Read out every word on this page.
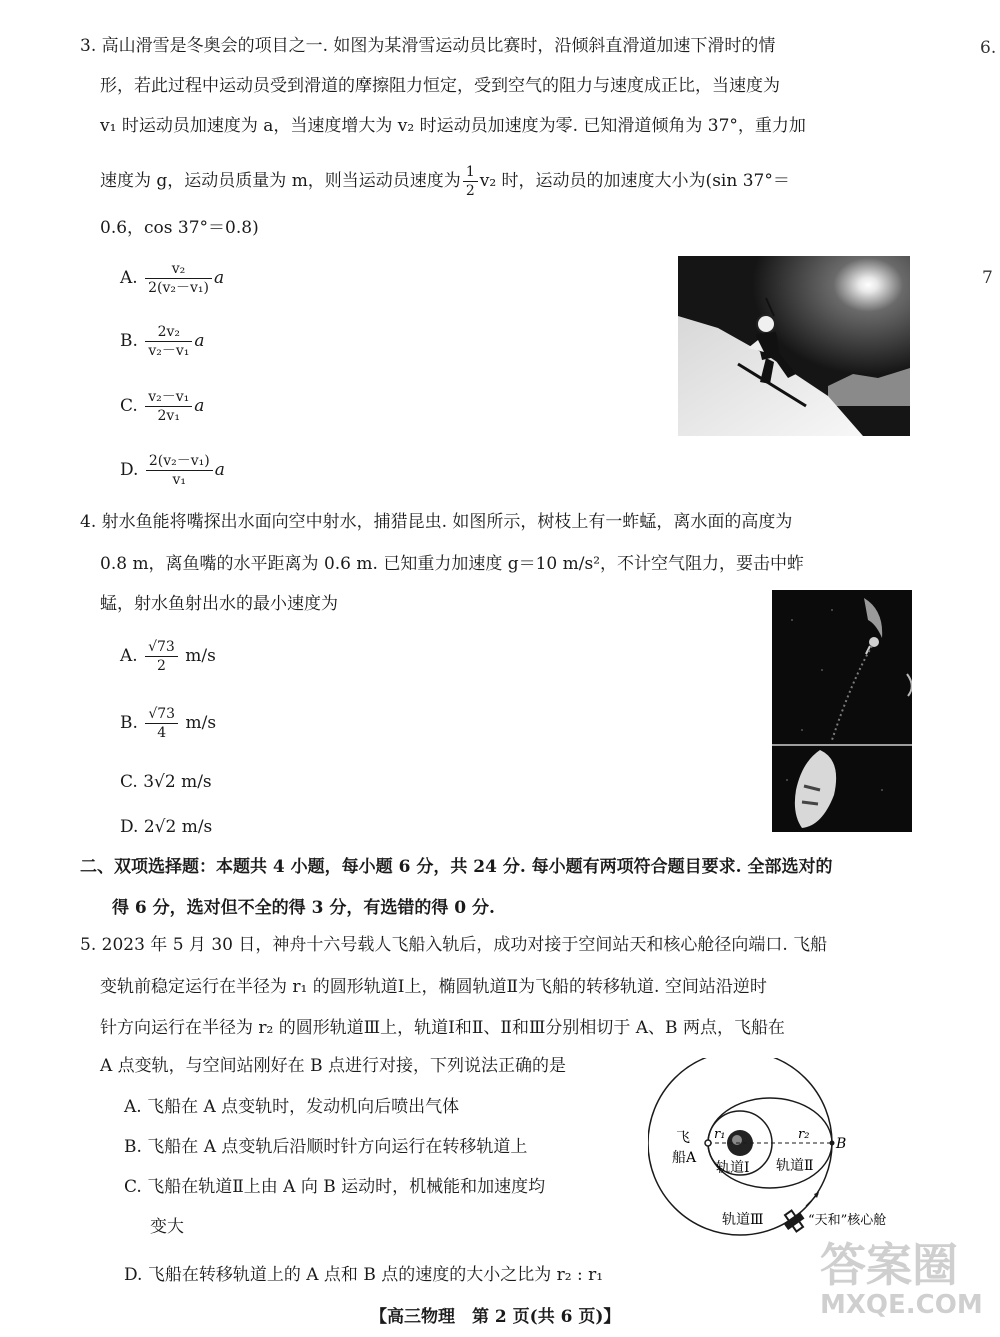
6.
7
3. 高山滑雪是冬奥会的项目之一. 如图为某滑雪运动员比赛时，沿倾斜直滑道加速下滑时的情
形，若此过程中运动员受到滑道的摩擦阻力恒定，受到空气的阻力与速度成正比，当速度为
v₁ 时运动员加速度为 a，当速度增大为 v₂ 时运动员加速度为零. 已知滑道倾角为 37°，重力加
速度为 g，运动员质量为 m，则当运动员速度为 $\frac{1}{2} v_2$ 时，运动员的加速度大小为(sin 37°＝
0.6，cos 37°＝0.8)
A. $\frac{\text{v₂}}{\text{2(v₂－v₁)}}$ a
B. $\frac{\text{2v₂}}{\text{v₂－v₁}}$ a
C. $\frac{\text{v₂－v₁}}{\text{2v₁}}$ a
D. $\frac{\text{2(v₂－v₁)}}{\text{v₁}}$ a
4. 射水鱼能将嘴探出水面向空中射水，捕猎昆虫. 如图所示，树枝上有一蚱蜢，离水面的高度为
0.8 m，离鱼嘴的水平距离为 0.6 m. 已知重力加速度 g＝10 m/s²，不计空气阻力，要击中蚱
蜢，射水鱼射出水的最小速度为
A. $\frac{√73}{2} m/s$
B. $\frac{√73}{4} m/s$
C. 3√2 m/s
D. 2√2 m/s
二、双项选择题：本题共 4 小题，每小题 6 分，共 24 分. 每小题有两项符合题目要求. 全部选对的
得 6 分，选对但不全的得 3 分，有选错的得 0 分.
5. 2023 年 5 月 30 日，神舟十六号载人飞船入轨后，成功对接于空间站天和核心舱径向端口. 飞船
变轨前稳定运行在半径为 r₁ 的圆形轨道Ⅰ上，椭圆轨道Ⅱ为飞船的转移轨道. 空间站沿逆时
针方向运行在半径为 r₂ 的圆形轨道Ⅲ上，轨道Ⅰ和Ⅱ、Ⅱ和Ⅲ分别相切于 A、B 两点，飞船在
A 点变轨，与空间站刚好在 B 点进行对接，下列说法正确的是
A. 飞船在 A 点变轨时，发动机向后喷出气体
B. 飞船在 A 点变轨后沿顺时针方向运行在转移轨道上
C. 飞船在轨道Ⅱ上由 A 向 B 运动时，机械能和加速度均
变大
D. 飞船在转移轨道上的 A 点和 B 点的速度的大小之比为 r₂ : r₁
飞
船A
r₁	r₂
B
轨道Ⅰ 轨道Ⅱ
轨道Ⅲ	“天和”核心舱
答案圈
MXQE.COM
【高三物理　第 2 页(共 6 页)】
